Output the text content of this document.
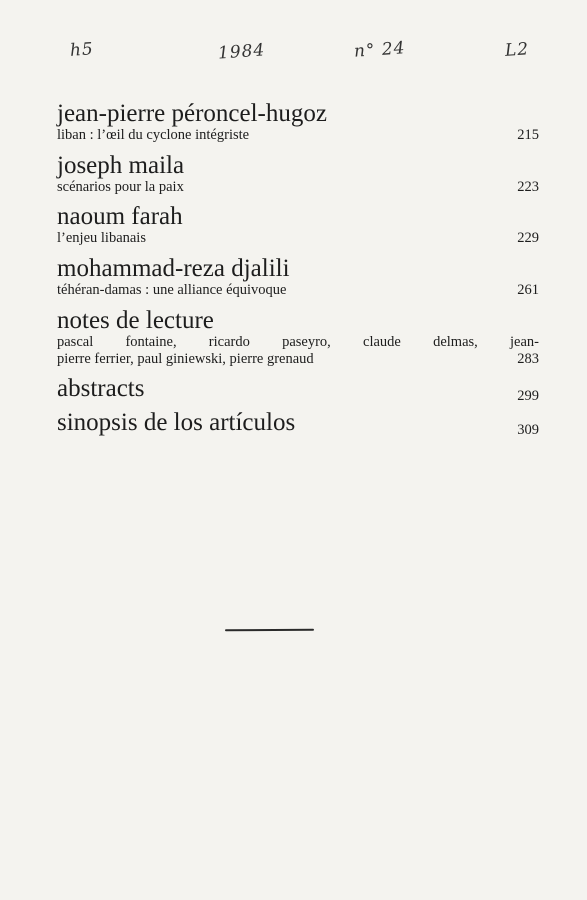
h5	1984	n° 24	L2
jean-pierre péroncel-hugoz
liban : l’œil du cyclone intégriste	215
joseph maila
scénarios pour la paix	223
naoum farah
l’enjeu libanais	229
mohammad-reza djalili
téhéran-damas : une alliance équivoque	261
notes de lecture
pascal fontaine, ricardo paseyro, claude delmas, jean-
pierre ferrier, paul giniewski, pierre grenaud	283
abstracts	299
sinopsis de los artículos	309
